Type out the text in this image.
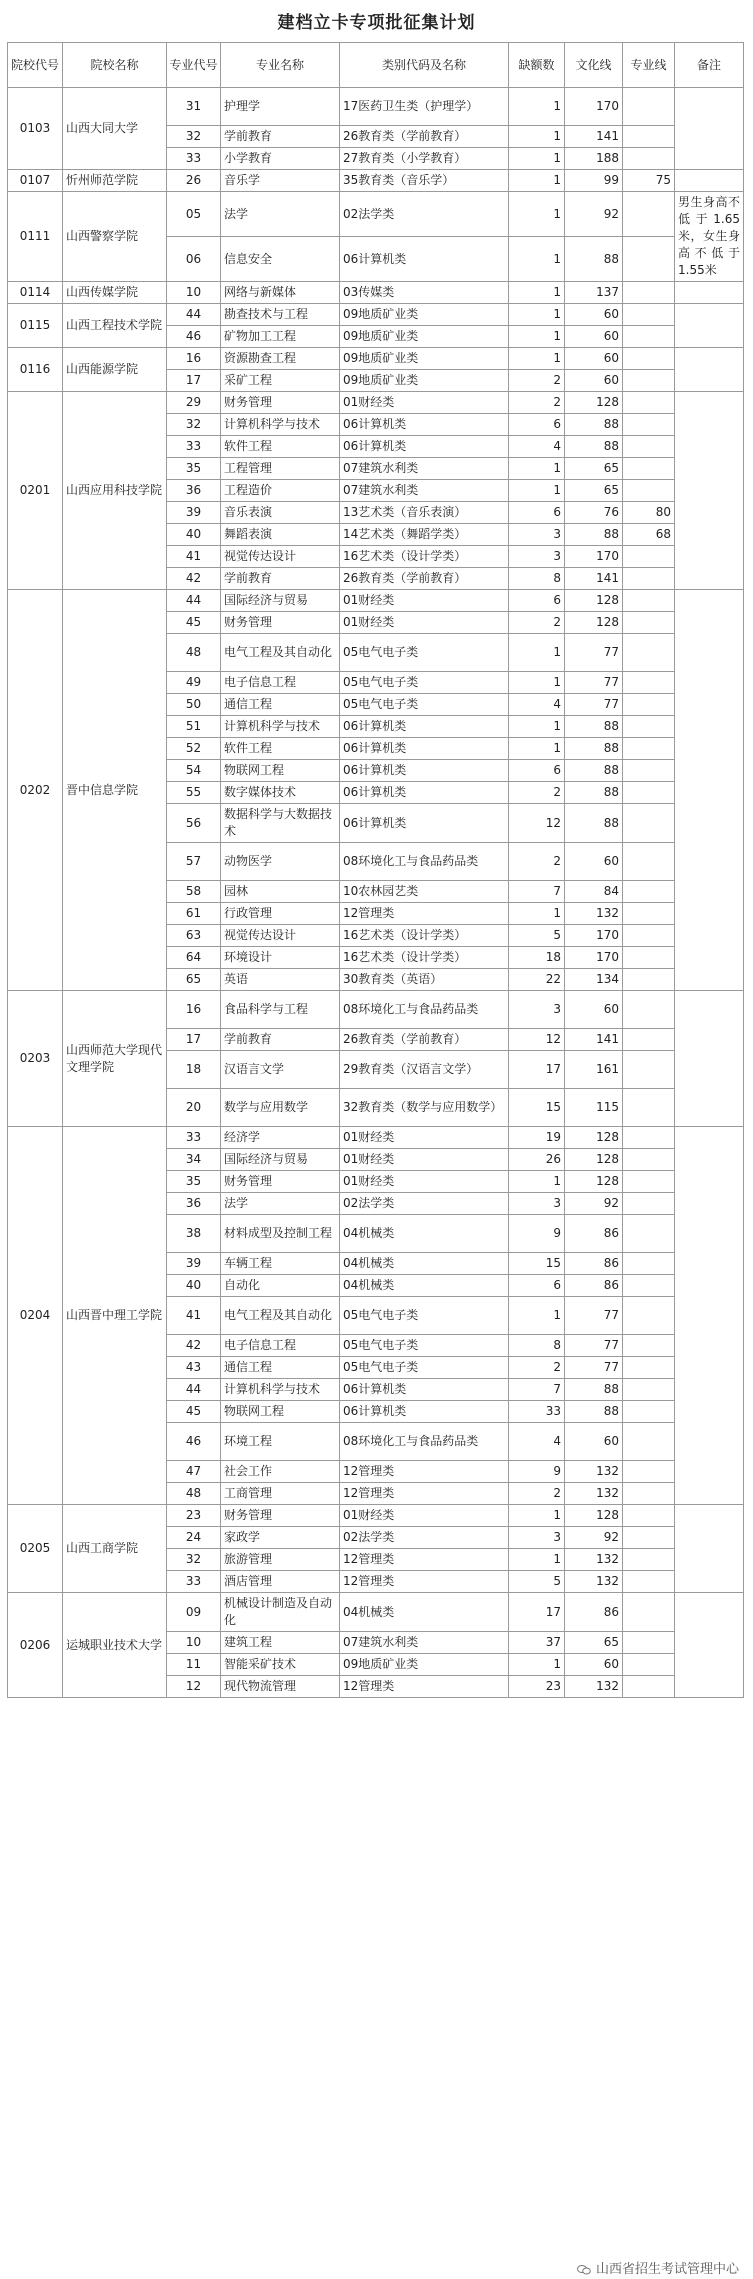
建档立卡专项批征集计划
院校代号	院校名称	专业代号	专业名称	类别代码及名称	缺额数	文化线	专业线	备注
0103	山西大同大学	31	护理学	17医药卫生类（护理学）	1	170		
		32	学前教育	26教育类（学前教育）	1	141		
		33	小学教育	27教育类（小学教育）	1	188		
0107	忻州师范学院	26	音乐学	35教育类（音乐学）	1	99	75	
0111	山西警察学院	05	法学	02法学类	1	92		男生身高不低于1.65米，女生身高不低于1.55米
		06	信息安全	06计算机类	1	88		
0114	山西传媒学院	10	网络与新媒体	03传媒类	1	137		
0115	山西工程技术学院	44	勘查技术与工程	09地质矿业类	1	60		
		46	矿物加工工程	09地质矿业类	1	60		
0116	山西能源学院	16	资源勘查工程	09地质矿业类	1	60		
		17	采矿工程	09地质矿业类	2	60		
0201	山西应用科技学院	29	财务管理	01财经类	2	128		
		32	计算机科学与技术	06计算机类	6	88		
		33	软件工程	06计算机类	4	88		
		35	工程管理	07建筑水利类	1	65		
		36	工程造价	07建筑水利类	1	65		
		39	音乐表演	13艺术类（音乐表演）	6	76	80	
		40	舞蹈表演	14艺术类（舞蹈学类）	3	88	68	
		41	视觉传达设计	16艺术类（设计学类）	3	170		
		42	学前教育	26教育类（学前教育）	8	141		
0202	晋中信息学院	44	国际经济与贸易	01财经类	6	128		
		45	财务管理	01财经类	2	128		
		48	电气工程及其自动化	05电气电子类	1	77		
		49	电子信息工程	05电气电子类	1	77		
		50	通信工程	05电气电子类	4	77		
		51	计算机科学与技术	06计算机类	1	88		
		52	软件工程	06计算机类	1	88		
		54	物联网工程	06计算机类	6	88		
		55	数字媒体技术	06计算机类	2	88		
		56	数据科学与大数据技术	06计算机类	12	88		
		57	动物医学	08环境化工与食品药品类	2	60		
		58	园林	10农林园艺类	7	84		
		61	行政管理	12管理类	1	132		
		63	视觉传达设计	16艺术类（设计学类）	5	170		
		64	环境设计	16艺术类（设计学类）	18	170		
		65	英语	30教育类（英语）	22	134		
0203	山西师范大学现代文理学院	16	食品科学与工程	08环境化工与食品药品类	3	60		
		17	学前教育	26教育类（学前教育）	12	141		
		18	汉语言文学	29教育类（汉语言文学）	17	161		
		20	数学与应用数学	32教育类（数学与应用数学）	15	115		
0204	山西晋中理工学院	33	经济学	01财经类	19	128		
		34	国际经济与贸易	01财经类	26	128		
		35	财务管理	01财经类	1	128		
		36	法学	02法学类	3	92		
		38	材料成型及控制工程	04机械类	9	86		
		39	车辆工程	04机械类	15	86		
		40	自动化	04机械类	6	86		
		41	电气工程及其自动化	05电气电子类	1	77		
		42	电子信息工程	05电气电子类	8	77		
		43	通信工程	05电气电子类	2	77		
		44	计算机科学与技术	06计算机类	7	88		
		45	物联网工程	06计算机类	33	88		
		46	环境工程	08环境化工与食品药品类	4	60		
		47	社会工作	12管理类	9	132		
		48	工商管理	12管理类	2	132		
0205	山西工商学院	23	财务管理	01财经类	1	128		
		24	家政学	02法学类	3	92		
		32	旅游管理	12管理类	1	132		
		33	酒店管理	12管理类	5	132		
0206	运城职业技术大学	09	机械设计制造及自动化	04机械类	17	86		
		10	建筑工程	07建筑水利类	37	65		
		11	智能采矿技术	09地质矿业类	1	60		
		12	现代物流管理	12管理类	23	132		
山西省招生考试管理中心
